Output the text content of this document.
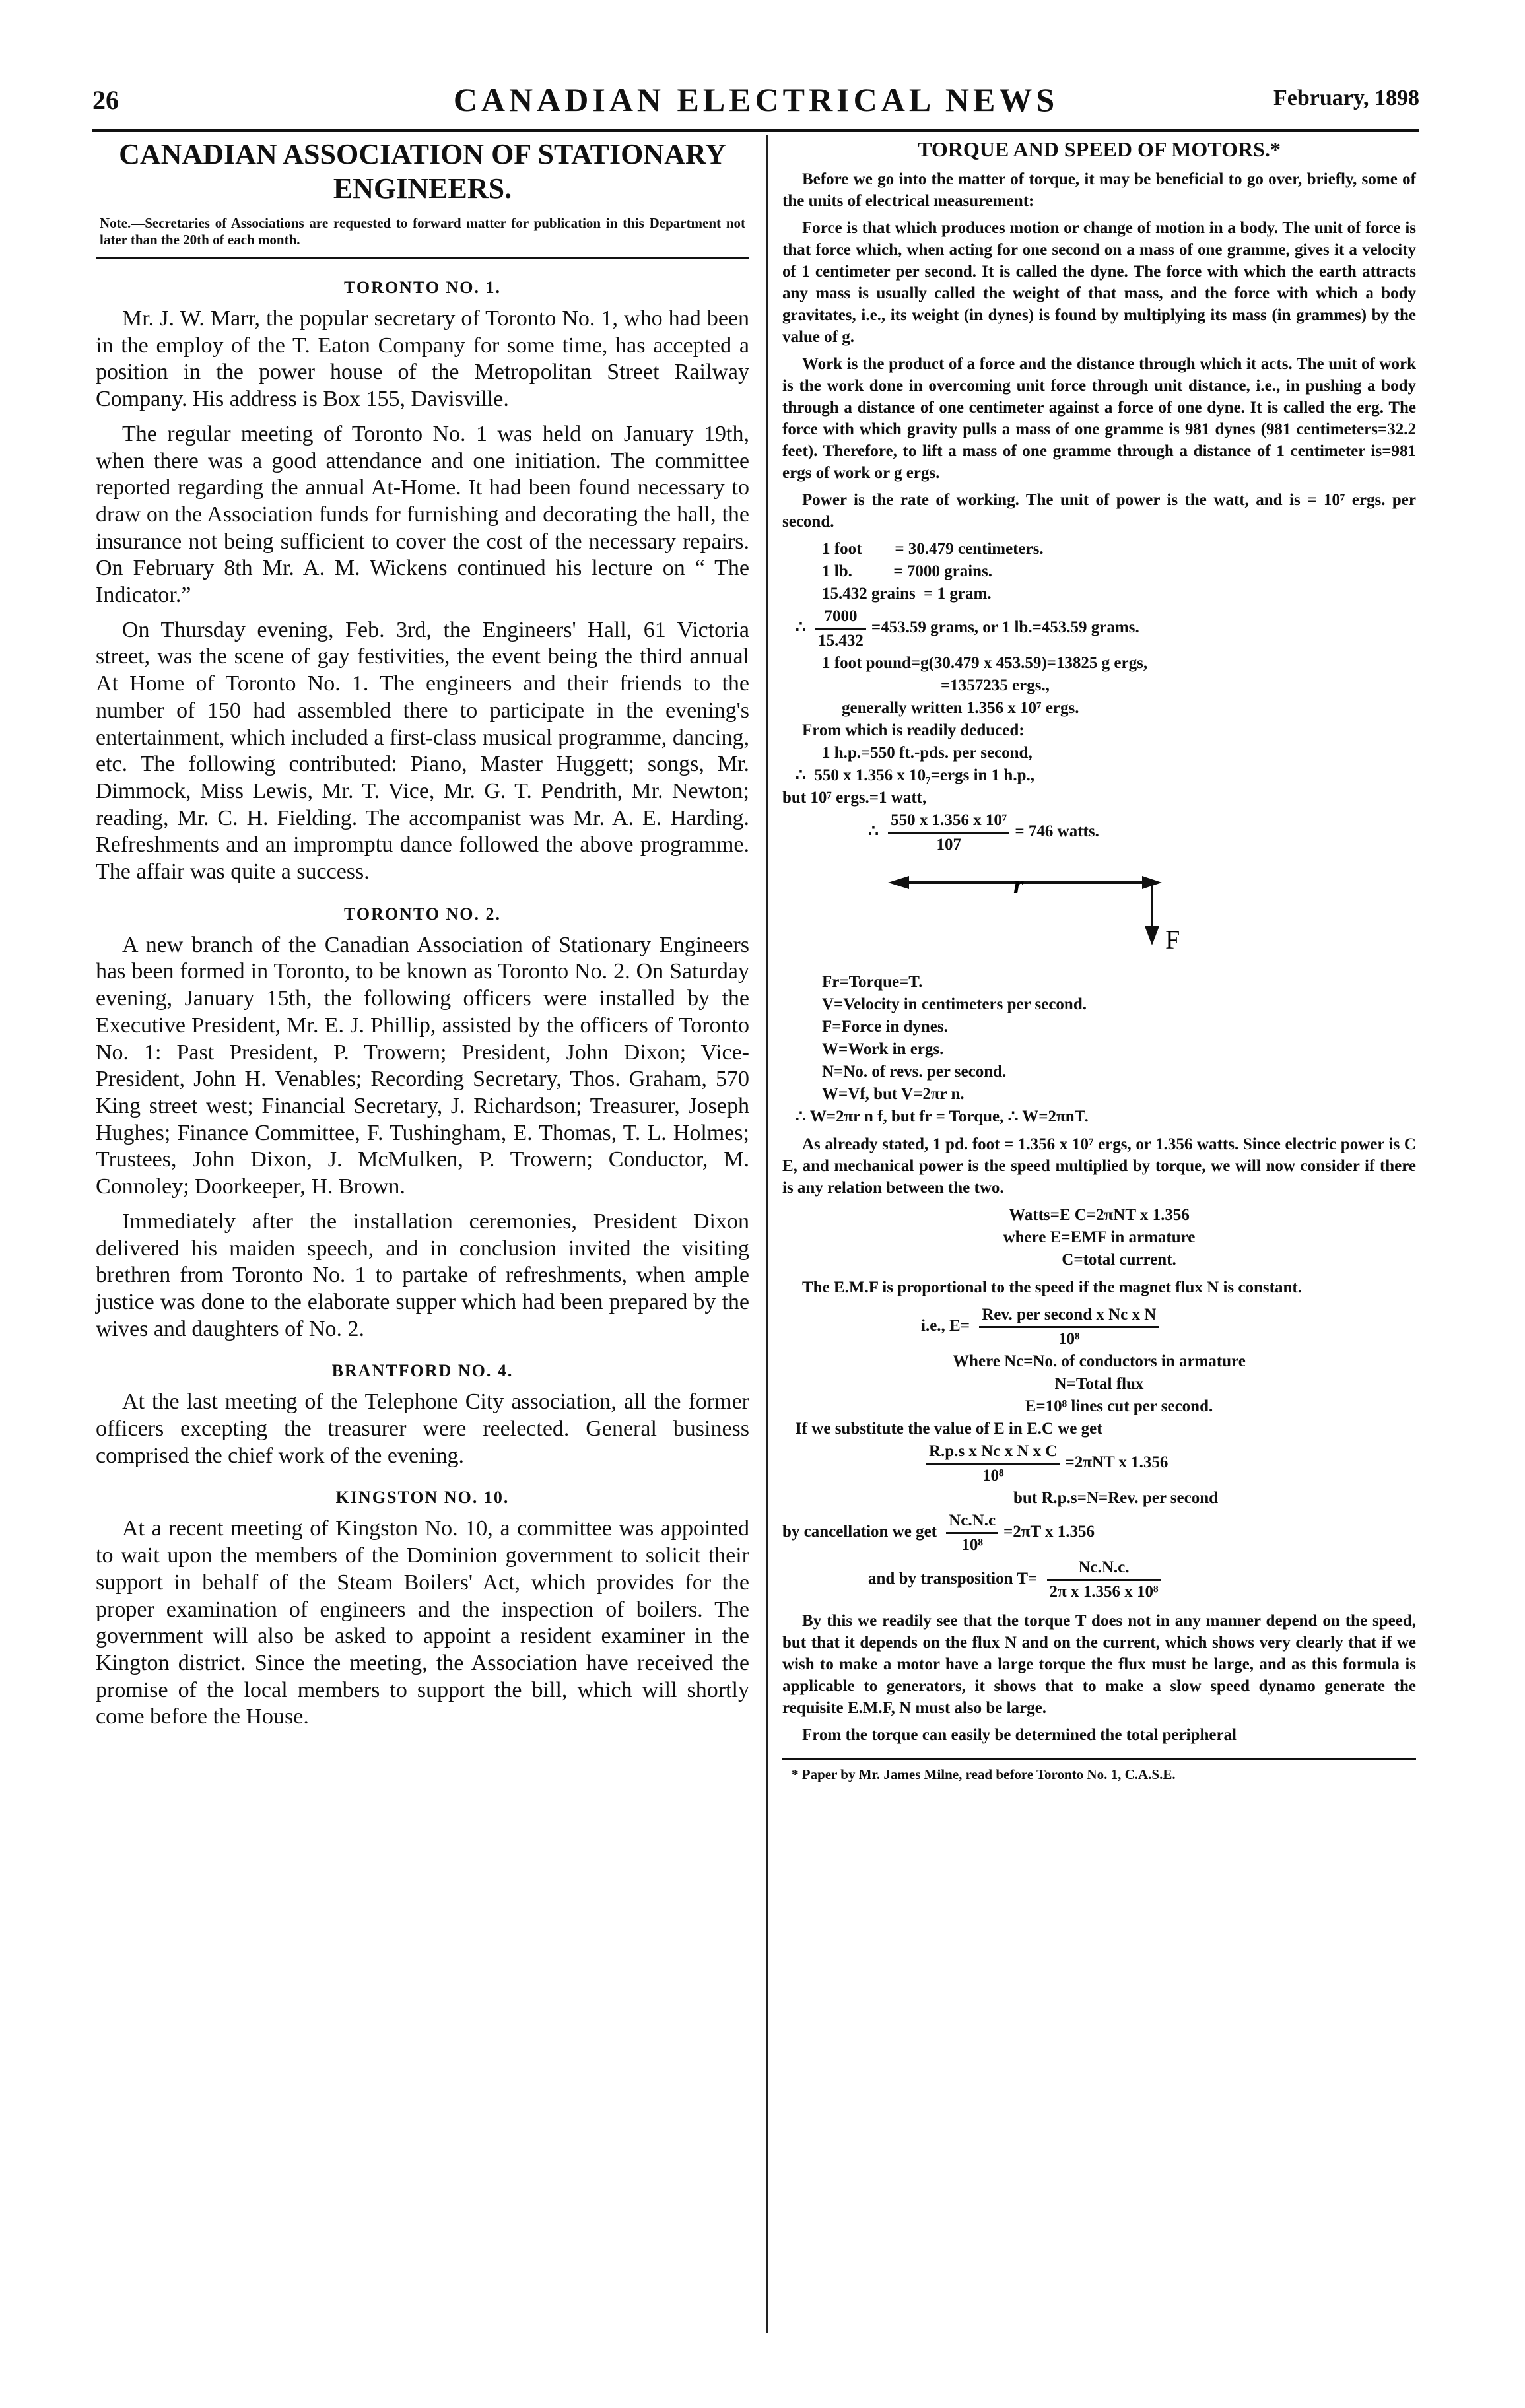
26	CANADIAN ELECTRICAL NEWS	February, 1898
CANADIAN ASSOCIATION OF STATIONARY ENGINEERS.

Note.—Secretaries of Associations are requested to forward matter for publication in this Department not later than the 20th of each month.

TORONTO NO. 1.

Mr. J. W. Marr, the popular secretary of Toronto No. 1, who had been in the employ of the T. Eaton Company for some time, has accepted a position in the power house of the Metropolitan Street Railway Company. His address is Box 155, Davisville.

The regular meeting of Toronto No. 1 was held on January 19th, when there was a good attendance and one initiation. The committee reported regarding the annual At-Home. It had been found necessary to draw on the Association funds for furnishing and decorating the hall, the insurance not being sufficient to cover the cost of the necessary repairs. On February 8th Mr. A. M. Wickens continued his lecture on “ The Indicator.”

On Thursday evening, Feb. 3rd, the Engineers' Hall, 61 Victoria street, was the scene of gay festivities, the event being the third annual At Home of Toronto No. 1. The engineers and their friends to the number of 150 had assembled there to participate in the evening's entertainment, which included a first-class musical programme, dancing, etc. The following contributed: Piano, Master Huggett; songs, Mr. Dimmock, Miss Lewis, Mr. T. Vice, Mr. G. T. Pendrith, Mr. Newton; reading, Mr. C. H. Fielding. The accompanist was Mr. A. E. Harding. Refreshments and an impromptu dance followed the above programme. The affair was quite a success.

TORONTO NO. 2.

A new branch of the Canadian Association of Stationary Engineers has been formed in Toronto, to be known as Toronto No. 2. On Saturday evening, January 15th, the following officers were installed by the Executive President, Mr. E. J. Phillip, assisted by the officers of Toronto No. 1: Past President, P. Trowern; President, John Dixon; Vice-President, John H. Venables; Recording Secretary, Thos. Graham, 570 King street west; Financial Secretary, J. Richardson; Treasurer, Joseph Hughes; Finance Committee, F. Tushingham, E. Thomas, T. L. Holmes; Trustees, John Dixon, J. McMulken, P. Trowern; Conductor, M. Connoley; Doorkeeper, H. Brown.

Immediately after the installation ceremonies, President Dixon delivered his maiden speech, and in conclusion invited the visiting brethren from Toronto No. 1 to partake of refreshments, when ample justice was done to the elaborate supper which had been prepared by the wives and daughters of No. 2.

BRANTFORD NO. 4.

At the last meeting of the Telephone City association, all the former officers excepting the treasurer were reelected. General business comprised the chief work of the evening.

KINGSTON NO. 10.

At a recent meeting of Kingston No. 10, a committee was appointed to wait upon the members of the Dominion government to solicit their support in behalf of the Steam Boilers' Act, which provides for the proper examination of engineers and the inspection of boilers. The government will also be asked to appoint a resident examiner in the Kington district. Since the meeting, the Association have received the promise of the local members to support the bill, which will shortly come before the House.

TORQUE AND SPEED OF MOTORS.*

Before we go into the matter of torque, it may be beneficial to go over, briefly, some of the units of electrical measurement:

Force is that which produces motion or change of motion in a body. The unit of force is that force which, when acting for one second on a mass of one gramme, gives it a velocity of 1 centimeter per second. It is called the dyne. The force with which the earth attracts any mass is usually called the weight of that mass, and the force with which a body gravitates, i.e., its weight (in dynes) is found by multiplying its mass (in grammes) by the value of g.

Work is the product of a force and the distance through which it acts. The unit of work is the work done in overcoming unit force through unit distance, i.e., in pushing a body through a distance of one centimeter against a force of one dyne. It is called the erg. The force with which gravity pulls a mass of one gramme is 981 dynes (981 centimeters=32.2 feet). Therefore, to lift a mass of one gramme through a distance of 1 centimeter is=981 ergs of work or g ergs.

Power is the rate of working. The unit of power is the watt, and is = 10⁷ ergs. per second.

1 foot        = 30.479 centimeters.

1 lb.          = 7000 grains.

15.432 grains  = 1 gram.

∴ $\frac{7000}{15.432} =453.59$ grams, or 1 lb.=453.59 grams.

1 foot pound=g(30.479 x 453.59)=13825 g ergs,

=1357235 ergs.,

generally written 1.356 x 10⁷ ergs.

From which is readily deduced:

1 h.p.=550 ft.-pds. per second,

∴  550 x 1.356 x 10₇=ergs in 1 h.p.,

but 10⁷ ergs.=1 watt,

∴ $\frac{\text{550 x 1.356 x 10⁷}}{107} = 746$ watts.

r
F

Fr=Torque=T.

V=Velocity in centimeters per second.

F=Force in dynes.

W=Work in ergs.

N=No. of revs. per second.

W=Vf, but V=2πr n.

∴ W=2πr n f, but fr = Torque, ∴ W=2πnT.

As already stated, 1 pd. foot = 1.356 x 10⁷ ergs, or 1.356 watts. Since electric power is C E, and mechanical power is the speed multiplied by torque, we will now consider if there is any relation between the two.

Watts=E C=2πNT x 1.356

where E=EMF in armature

C=total current.

The E.M.F is proportional to the speed if the magnet flux N is constant.

i.e., $E= \frac{\text{Rev. per second x Nc x N}}{\text{10⁸}}$

Where Nc=No. of conductors in armature

N=Total flux

E=10⁸ lines cut per second.

If we substitute the value of E in E.C we get

$\frac{\text{R.p.s x Nc x N x C}}{\text{10⁸}} =2\pi NT$ x 1.356

but R.p.s=N=Rev. per second

by cancellation we get $\frac{Nc.N.c}{\text{10⁸}} =2\pi T$ x 1.356

and by transposition $T= \frac{Nc.N.c.}{\text{2π x 1.356 x 10⁸}}$

By this we readily see that the torque T does not in any manner depend on the speed, but that it depends on the flux N and on the current, which shows very clearly that if we wish to make a motor have a large torque the flux must be large, and as this formula is applicable to generators, it shows that to make a slow speed dynamo generate the requisite E.M.F, N must also be large.

From the torque can easily be determined the total peripheral

* Paper by Mr. James Milne, read before Toronto No. 1, C.A.S.E.
